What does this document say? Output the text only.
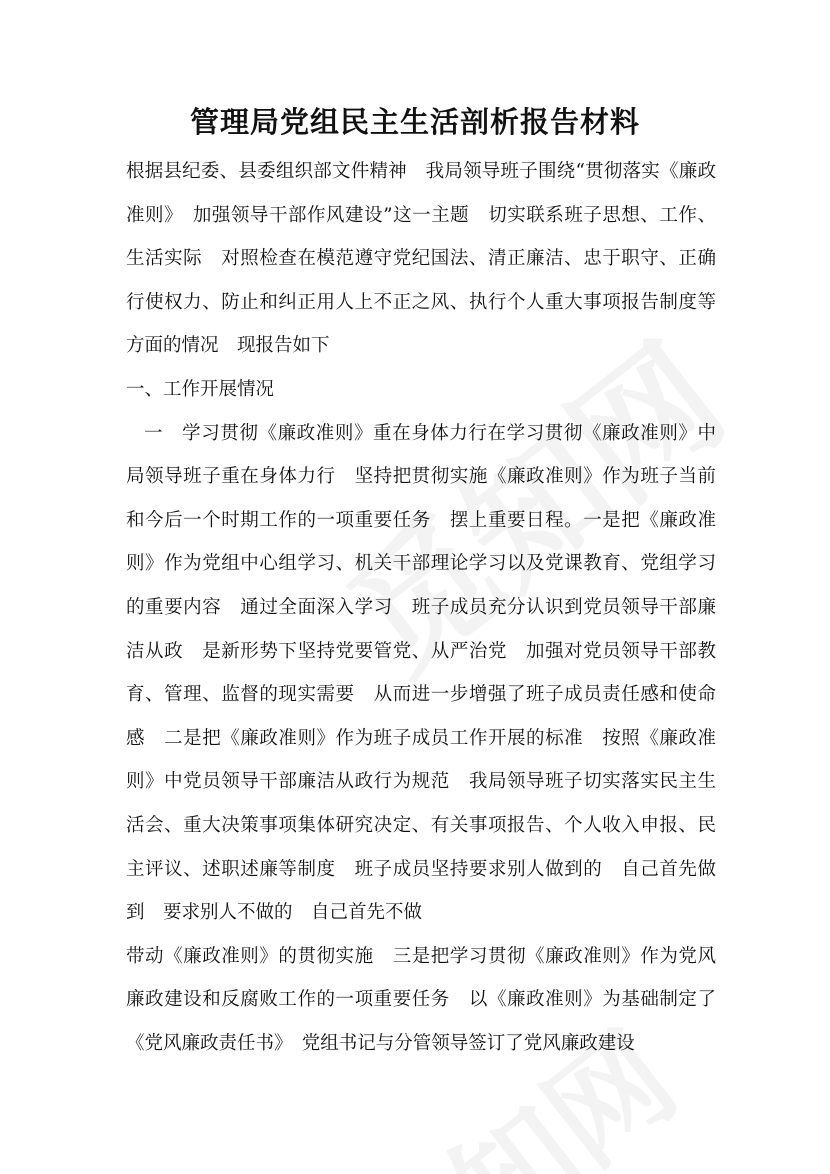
管理局党组民主生活剖析报告材料

根据县纪委、县委组织部文件精神　我局领导班子围绕“贯彻落实《廉政准则》　加强领导干部作风建设”这一主题　切实联系班子思想、工作、生活实际　对照检查在模范遵守党纪国法、清正廉洁、忠于职守、正确行使权力、防止和纠正用人上不正之风、执行个人重大事项报告制度等方面的情况　现报告如下

一、工作开展情况

一　学习贯彻《廉政准则》重在身体力行在学习贯彻《廉政准则》中　局领导班子重在身体力行　坚持把贯彻实施《廉政准则》作为班子当前和今后一个时期工作的一项重要任务　摆上重要日程。一是把《廉政准则》作为党组中心组学习、机关干部理论学习以及党课教育、党组学习的重要内容　通过全面深入学习　班子成员充分认识到党员领导干部廉洁从政　是新形势下坚持党要管党、从严治党　加强对党员领导干部教育、管理、监督的现实需要　从而进一步增强了班子成员责任感和使命感　二是把《廉政准则》作为班子成员工作开展的标准　按照《廉政准则》中党员领导干部廉洁从政行为规范　我局领导班子切实落实民主生活会、重大决策事项集体研究决定、有关事项报告、个人收入申报、民主评议、述职述廉等制度　班子成员坚持要求别人做到的　自己首先做到　要求别人不做的　自己首先不做

带动《廉政准则》的贯彻实施　三是把学习贯彻《廉政准则》作为党风廉政建设和反腐败工作的一项重要任务　以《廉政准则》为基础制定了《党风廉政责任书》　党组书记与分管领导签订了党风廉政建设
